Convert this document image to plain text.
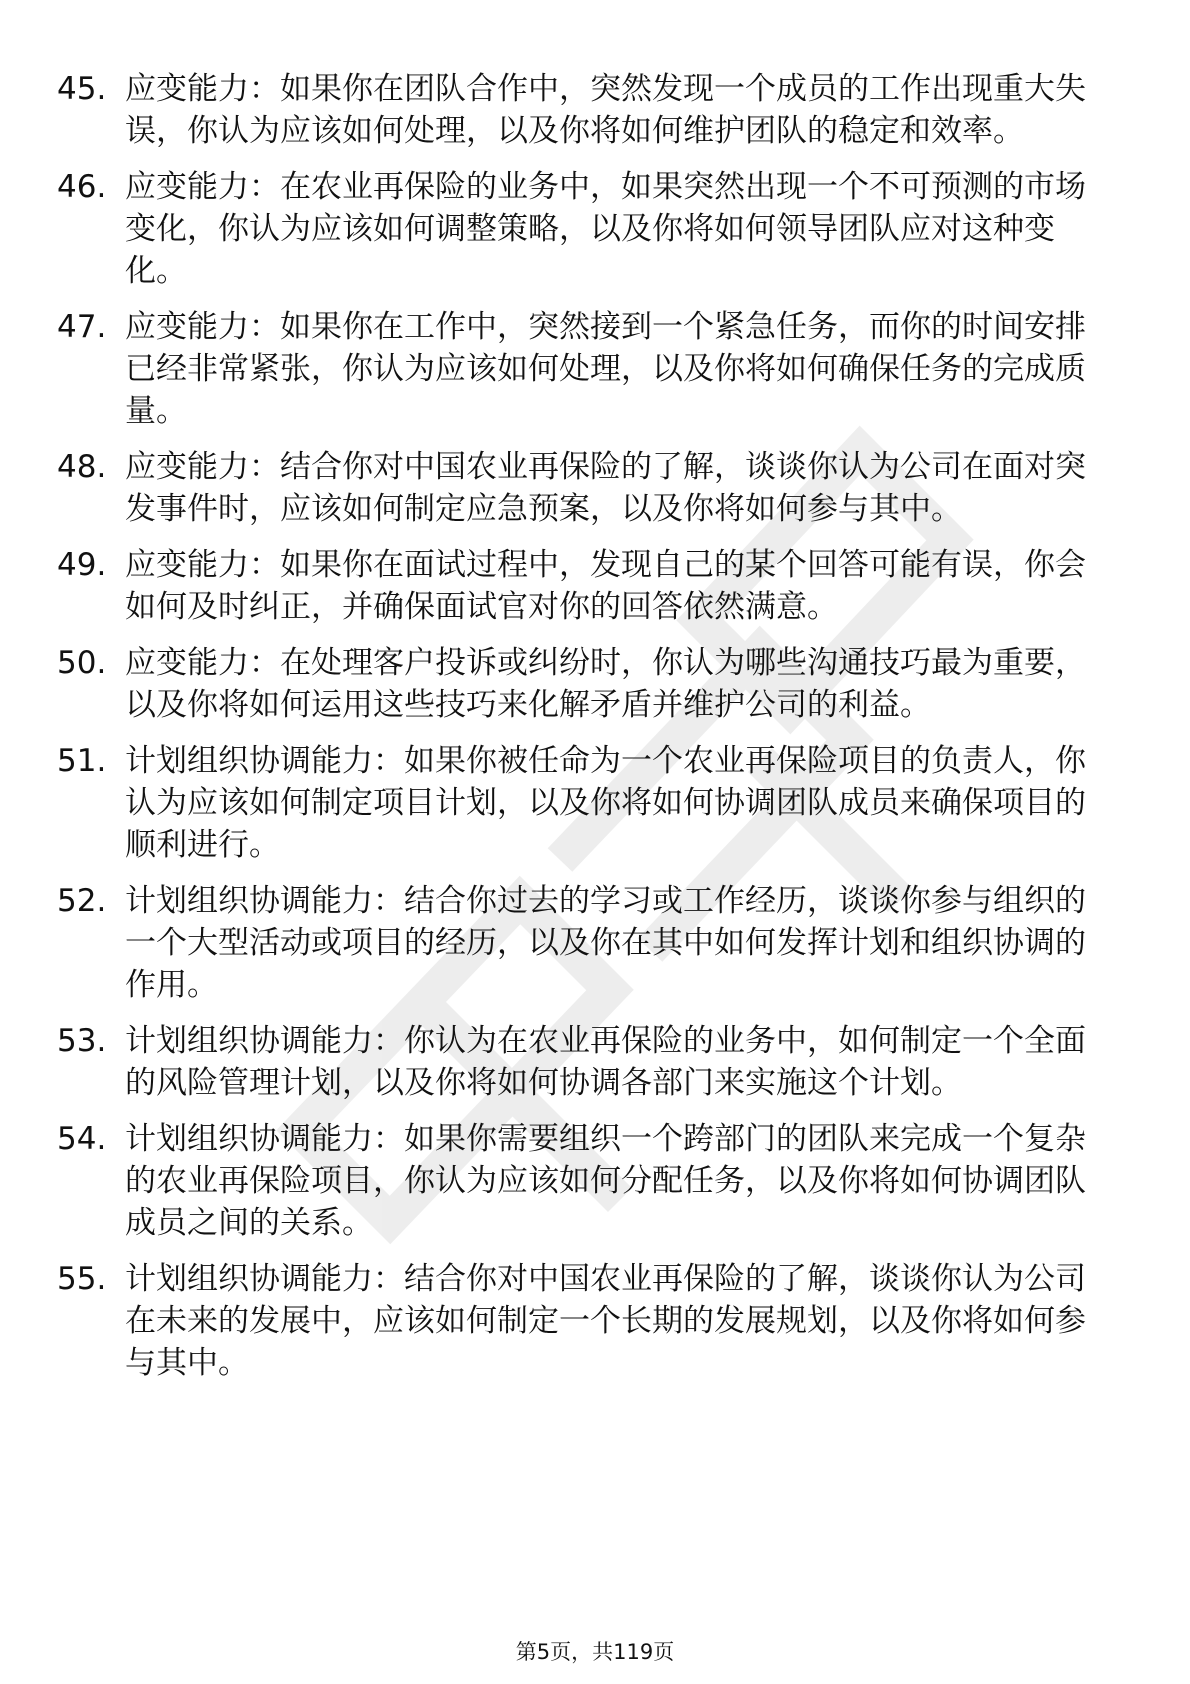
45. 应变能力：如果你在团队合作中，突然发现一个成员的工作出现重大失误，你认为应该如何处理，以及你将如何维护团队的稳定和效率。
46. 应变能力：在农业再保险的业务中，如果突然出现一个不可预测的市场变化，你认为应该如何调整策略，以及你将如何领导团队应对这种变化。
47. 应变能力：如果你在工作中，突然接到一个紧急任务，而你的时间安排已经非常紧张，你认为应该如何处理，以及你将如何确保任务的完成质量。
48. 应变能力：结合你对中国农业再保险的了解，谈谈你认为公司在面对突发事件时，应该如何制定应急预案，以及你将如何参与其中。
49. 应变能力：如果你在面试过程中，发现自己的某个回答可能有误，你会如何及时纠正，并确保面试官对你的回答依然满意。
50. 应变能力：在处理客户投诉或纠纷时，你认为哪些沟通技巧最为重要，以及你将如何运用这些技巧来化解矛盾并维护公司的利益。
51. 计划组织协调能力：如果你被任命为一个农业再保险项目的负责人，你认为应该如何制定项目计划，以及你将如何协调团队成员来确保项目的顺利进行。
52. 计划组织协调能力：结合你过去的学习或工作经历，谈谈你参与组织的一个大型活动或项目的经历，以及你在其中如何发挥计划和组织协调的作用。
53. 计划组织协调能力：你认为在农业再保险的业务中，如何制定一个全面的风险管理计划，以及你将如何协调各部门来实施这个计划。
54. 计划组织协调能力：如果你需要组织一个跨部门的团队来完成一个复杂的农业再保险项目，你认为应该如何分配任务，以及你将如何协调团队成员之间的关系。
55. 计划组织协调能力：结合你对中国农业再保险的了解，谈谈你认为公司在未来的发展中，应该如何制定一个长期的发展规划，以及你将如何参与其中。
第5页，共119页
